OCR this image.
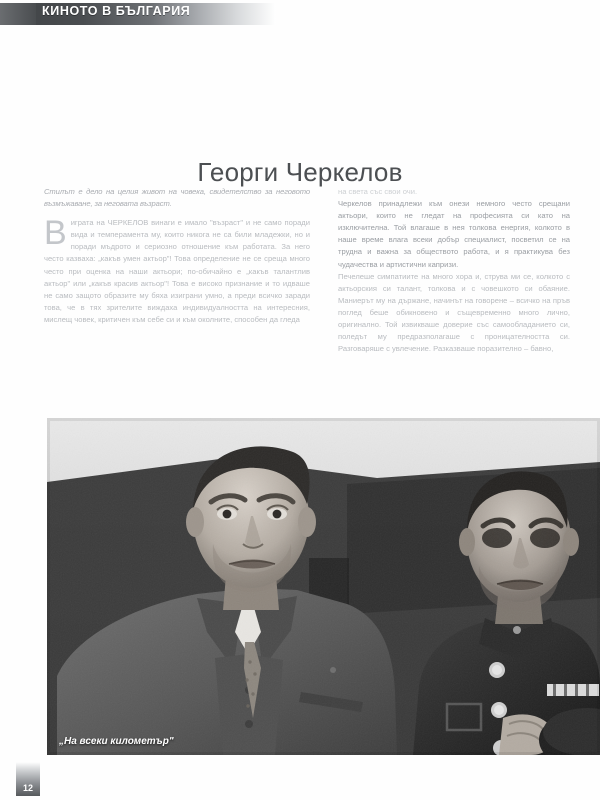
КИНОТО В БЪЛГАРИЯ
Георги Черкелов

Стилът е дело на целия живот на човека, свидетелство за неговото възмъжаване, за неговата възраст.

Виграта на ЧЕРКЕЛОВ винаги е имало "възраст" и не само поради вида и темперамента му, които никога не са били младежки, но и поради мъдрото и сериозно отношение към работата. За него често казваха: „какъв умен актьор"! Това определение не се среща много често при оценка на наши актьори; по-обичайно е „какъв талантлив актьор" или „какъв красив актьор"! Това е високо признание и то идваше не само защото образите му бяха изиграни умно, а преди всичко заради това, че в тях зрителите виждаха индивидуалността на интересния, мислещ човек, критичен към себе си и към околните, способен да гледа

на света със свои очи.

Черкелов принадлежи към онези немного често срещани актьори, които не гледат на професията си като на изключителна. Той влагаше в нея толкова енергия, колкото в наше време влага всеки добър специалист, посветил се на трудна и важна за обществото работа, и я практикува без чудачества и артистични капризи.

Печелеше симпатиите на много хора и, струва ми се, колкото с актьорския си талант, толкова и с човешкото си обаяние. Маниерът му на държане, начинът на говорене – всичко на пръв поглед беше обикновено и същевременно много лично, оригинално. Той извикваше доверие със самообладанието си, поледът му предразполагаше с проницателността си. Разговаряше с увлечение. Разказваше поразително – бавно,

„На всеки километър"
12
